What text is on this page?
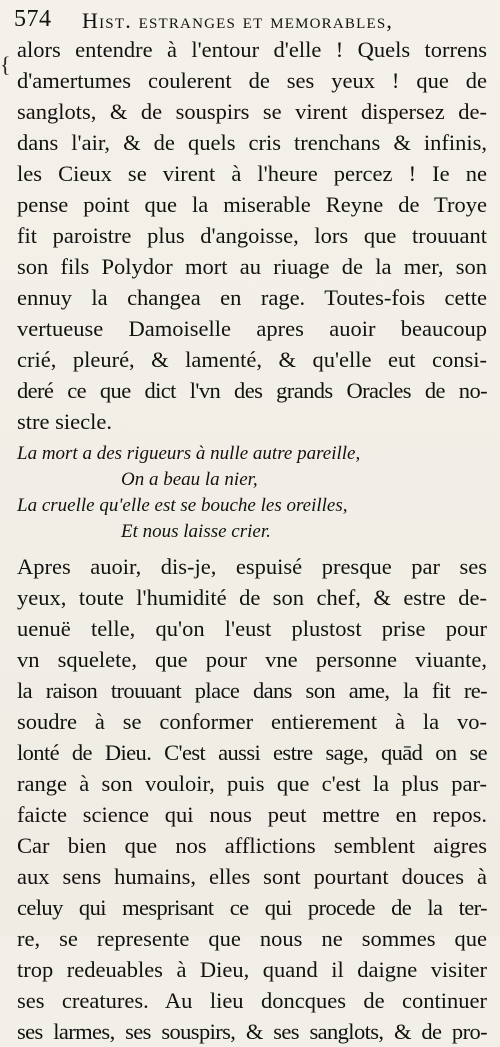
{
574 Hist. estranges et memorables,
alors entendre à l'entour d'elle ! Quels torrens
d'amertumes coulerent de ses yeux ! que de
sanglots, & de souspirs se virent dispersez de-
dans l'air, & de quels cris trenchans & infinis,
les Cieux se virent à l'heure percez ! Ie ne
pense point que la miserable Reyne de Troye
fit paroistre plus d'angoisse, lors que trouuant
son fils Polydor mort au riuage de la mer, son
ennuy la changea en rage. Toutes-fois cette
vertueuse Damoiselle apres auoir beaucoup
crié, pleuré, & lamenté, & qu'elle eut consi-
deré ce que dict l'vn des grands Oracles de no-
stre siecle.
La mort a des rigueurs à nulle autre pareille,
On a beau la nier,
La cruelle qu'elle est se bouche les oreilles,
Et nous laisse crier.
Apres auoir, dis-je, espuisé presque par ses
yeux, toute l'humidité de son chef, & estre de-
uenuë telle, qu'on l'eust plustost prise pour
vn squelete, que pour vne personne viuante,
la raison trouuant place dans son ame, la fit re-
soudre à se conformer entierement à la vo-
lonté de Dieu. C'est aussi estre sage, quād on se
range à son vouloir, puis que c'est la plus par-
faicte science qui nous peut mettre en repos.
Car bien que nos afflictions semblent aigres
aux sens humains, elles sont pourtant douces à
celuy qui mesprisant ce qui procede de la ter-
re, se represente que nous ne sommes que
trop redeuables à Dieu, quand il daigne visiter
ses creatures. Au lieu doncques de continuer
ses larmes, ses souspirs, & ses sanglots, & de pro-
